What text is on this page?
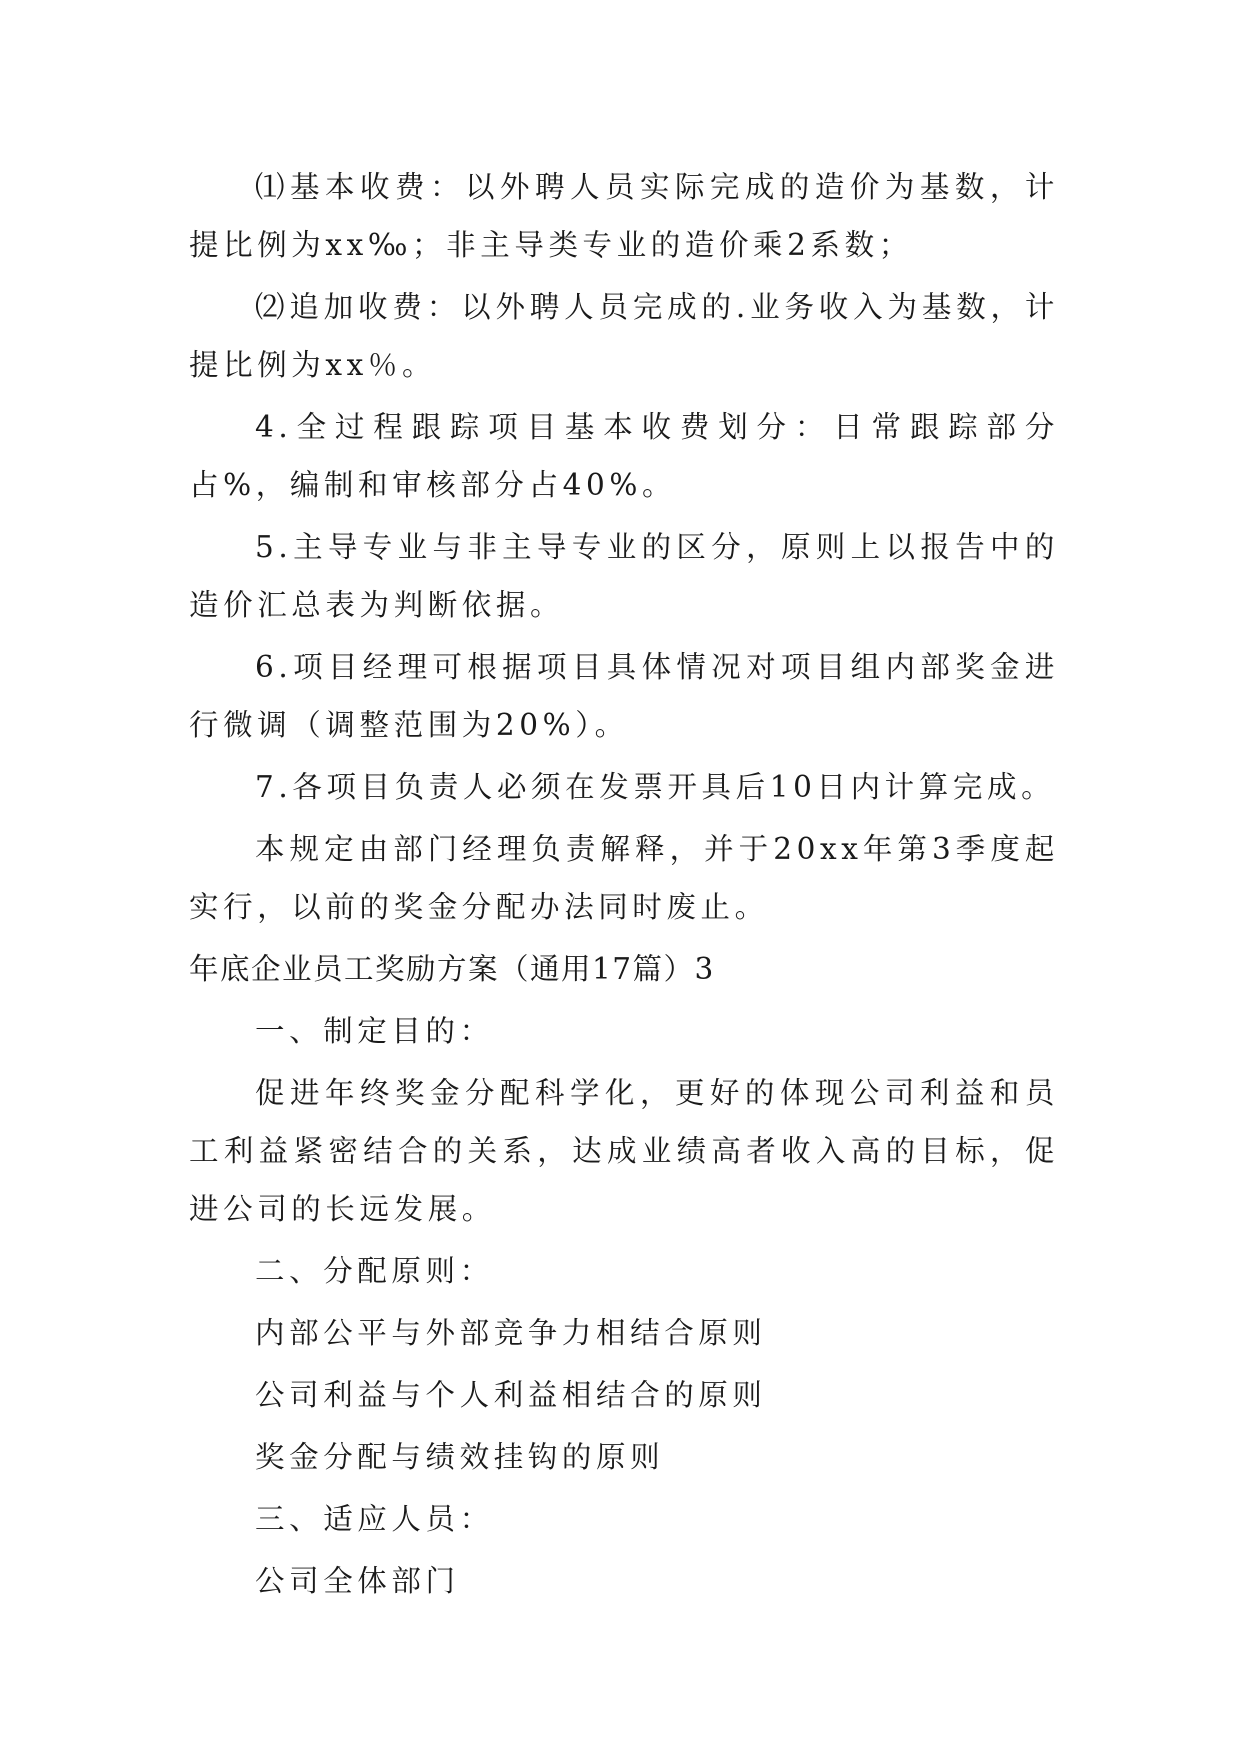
⑴基本收费：以外聘人员实际完成的造价为基数，计提比例为xx‰；非主导类专业的造价乘2系数；

⑵追加收费：以外聘人员完成的.业务收入为基数，计提比例为xx％。

4.全过程跟踪项目基本收费划分：日常跟踪部分占%，编制和审核部分占40%。

5.主导专业与非主导专业的区分，原则上以报告中的造价汇总表为判断依据。

6.项目经理可根据项目具体情况对项目组内部奖金进行微调（调整范围为20%）。

7.各项目负责人必须在发票开具后10日内计算完成。

本规定由部门经理负责解释，并于20xx年第3季度起实行，以前的奖金分配办法同时废止。

年底企业员工奖励方案（通用17篇）3

一、制定目的：

促进年终奖金分配科学化，更好的体现公司利益和员工利益紧密结合的关系，达成业绩高者收入高的目标，促进公司的长远发展。

二、分配原则：

内部公平与外部竞争力相结合原则

公司利益与个人利益相结合的原则

奖金分配与绩效挂钩的原则

三、适应人员：

公司全体部门
